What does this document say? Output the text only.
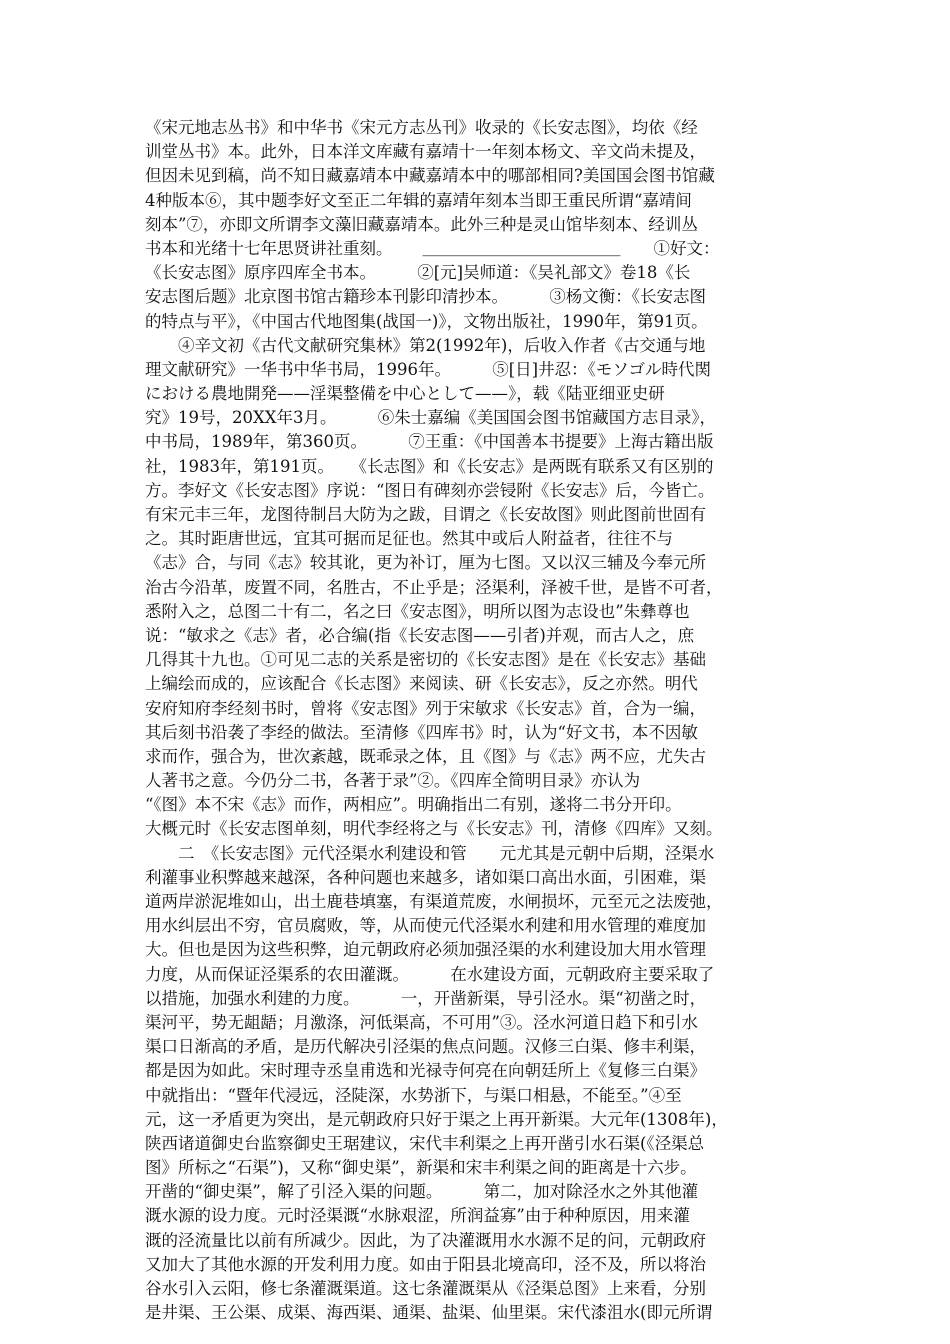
《宋元地志丛书》和中华书《宋元方志丛刊》收录的《长安志图》，均依《经
训堂丛书》本。此外，日本洋文库藏有嘉靖十一年刻本杨文、辛文尚未提及，
但因未见到稿，尚不知日藏嘉靖本中藏嘉靖本中的哪部相同?美国国会图书馆藏
4种版本⑥，其中题李好文至正二年辑的嘉靖年刻本当即王重民所谓“嘉靖间
刻本”⑦，亦即文所谓李文藻旧藏嘉靖本。此外三种是灵山馆毕刻本、经训丛
书本和光绪十七年思贤讲社重刻。　　 ＿＿＿＿＿＿＿＿＿＿＿＿　　①好文：
《长安志图》原序四库全书本。　　　②[元]吴师道：《吴礼部文》卷18《长
安志图后题》北京图书馆古籍珍本刊影印清抄本。　　　③杨文衡：《长安志图
的特点与平》，《中国古代地图集(战国一)》，文物出版社，1990年，第91页。
　　④辛文初《古代文献研究集林》第2(1992年)，后收入作者《古交通与地
理文献研究》一华书中华书局，1996年。　　　⑤[日]井忍：《モソゴル時代関
における農地開発——淫渠整備を中心として——》，载《陆亚细亚史研
究》19号，20XX年3月。　　　⑥朱士嘉编《美国国会图书馆藏国方志目录》，
中书局，1989年，第360页。　　　⑦王重：《中国善本书提要》上海古籍出版
社，1983年，第191页。　　《长志图》和《长安志》是两既有联系又有区别的
方。李好文《长安志图》序说：“图日有碑刻亦尝锓附《长安志》后，今皆亡。
有宋元丰三年，龙图待制吕大防为之跋，目谓之《长安故图》则此图前世固有
之。其时距唐世远，宜其可据而足征也。然其中或后人附益者，往往不与
《志》合，与同《志》较其讹，更为补订，厘为七图。又以汉三辅及今奉元所
治古今沿革，废置不同，名胜古，不止乎是；泾渠利，泽被千世，是皆不可者，
悉附入之，总图二十有二，名之曰《安志图》，明所以图为志设也”朱彝尊也
说：“敏求之《志》者，必合编(指《长安志图——引者)并观，而古人之，庶
几得其十九也。①可见二志的关系是密切的《长安志图》是在《长安志》基础
上编绘而成的，应该配合《长志图》来阅读、研《长安志》，反之亦然。明代
安府知府李经刻书时，曾将《安志图》列于宋敏求《长安志》首，合为一编，
其后刻书沿袭了李经的做法。至清修《四库书》时，认为“好文书，本不因敏
求而作，强合为，世次紊越，既乖录之体，且《图》与《志》两不应，尤失古
人著书之意。今仍分二书，各著于录”②。《四库全简明目录》亦认为
“《图》本不宋《志》而作，两相应”。明确指出二有别，遂将二书分开印。
大概元时《长安志图单刻，明代李经将之与《长安志》刊，清修《四库》又刻。
　　二　《长安志图》元代泾渠水利建设和管　　元尤其是元朝中后期，泾渠水
利灌事业积弊越来越深，各种问题也来越多，诸如渠口高出水面，引困难，渠
道两岸淤泥堆如山，出土鹿巷填塞，有渠道荒废，水闸损坏，元至元之法废弛，
用水纠层出不穷，官员腐败，等，从而使元代泾渠水利建和用水管理的难度加
大。但也是因为这些积弊，迫元朝政府必须加强泾渠的水利建设加大用水管理
力度，从而保证泾渠系的农田灌溉。　　　在水建设方面，元朝政府主要采取了
以措施，加强水利建的力度。　　　一，开凿新渠，导引泾水。渠“初凿之时，
渠河平，势无龃龉；月激涤，河低渠高，不可用”③。泾水河道日趋下和引水
渠口日渐高的矛盾，是历代解决引泾渠的焦点问题。汉修三白渠、修丰利渠，
都是因为如此。宋时理寺丞皇甫选和光禄寺何亮在向朝廷所上《复修三白渠》
中就指出：“暨年代浸远，泾陡深，水势浙下，与渠口相悬，不能至。”④至
元，这一矛盾更为突出，是元朝政府只好于渠之上再开新渠。大元年(1308年)，
陕西诸道御史台监察御史王琚建议，宋代丰利渠之上再开凿引水石渠(《泾渠总
图》所标之“石渠”)，又称“御史渠”，新渠和宋丰利渠之间的距离是十六步。
开凿的“御史渠”，解了引泾入渠的问题。　　　第二，加对除泾水之外其他灌
溉水源的设力度。元时泾渠溉“水脉艰涩，所润益寡”由于种种原因，用来灌
溉的泾流量比以前有所减少。因此，为了决灌溉用水水源不足的问，元朝政府
又加大了其他水源的开发利用力度。如由于阳县北境高印，泾不及，所以将治
谷水引入云阳，修七条灌溉渠道。这七条灌溉渠从《泾渠总图》上来看，分别
是井渠、王公渠、成渠、海西渠、通渠、盐渠、仙里渠。宋代漆沮水(即元所谓
